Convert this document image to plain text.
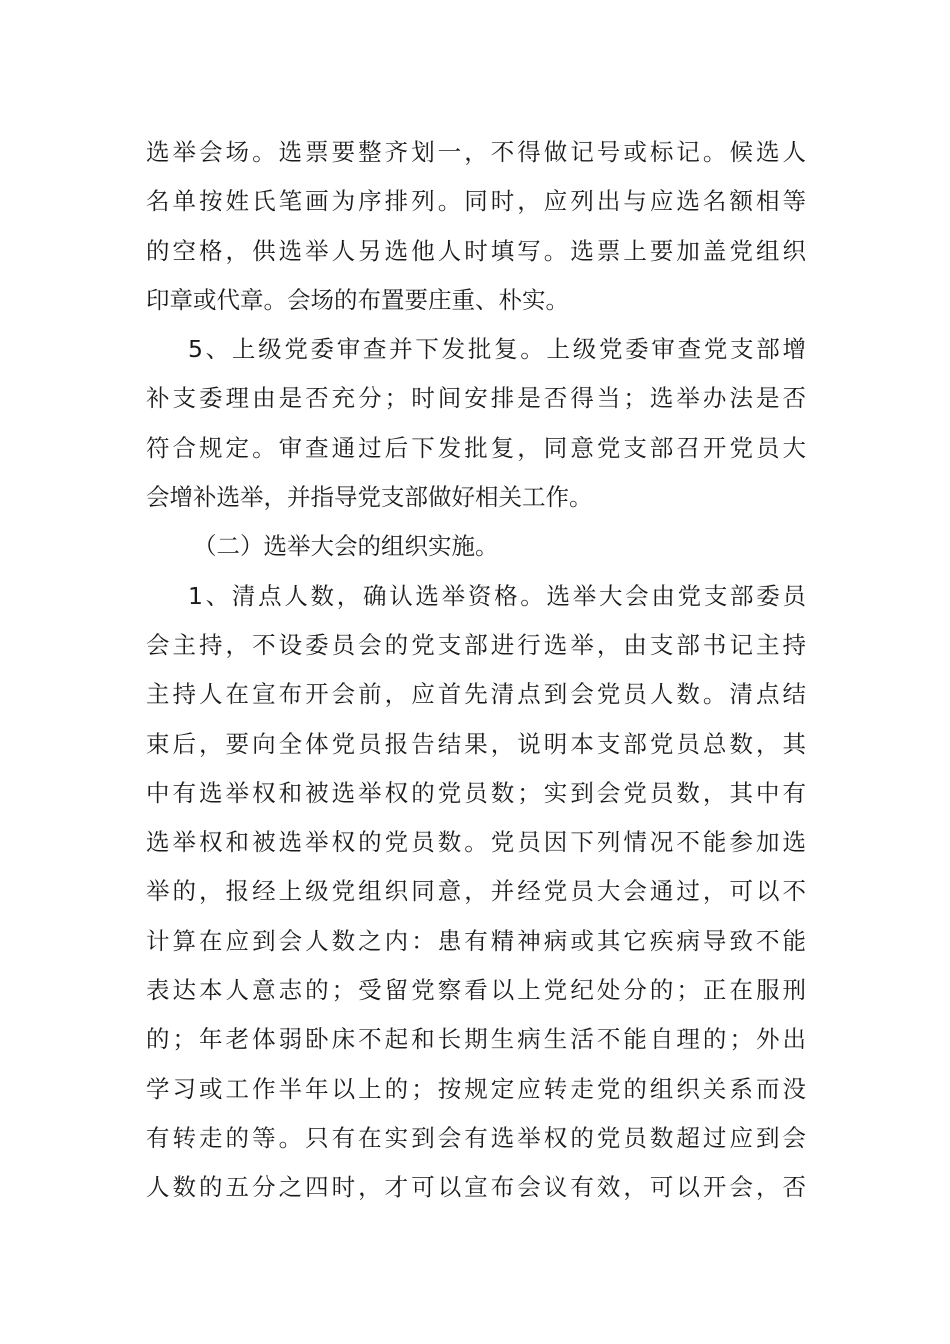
选举会场。选票要整齐划一，不得做记号或标记。候选人
名单按姓氏笔画为序排列。同时，应列出与应选名额相等
的空格，供选举人另选他人时填写。选票上要加盖党组织
印章或代章。会场的布置要庄重、朴实。
5、上级党委审查并下发批复。上级党委审查党支部增
补支委理由是否充分；时间安排是否得当；选举办法是否
符合规定。审查通过后下发批复，同意党支部召开党员大
会增补选举，并指导党支部做好相关工作。
（二）选举大会的组织实施。
1、清点人数，确认选举资格。选举大会由党支部委员
会主持，不设委员会的党支部进行选举，由支部书记主持
主持人在宣布开会前，应首先清点到会党员人数。清点结
束后，要向全体党员报告结果，说明本支部党员总数，其
中有选举权和被选举权的党员数；实到会党员数，其中有
选举权和被选举权的党员数。党员因下列情况不能参加选
举的，报经上级党组织同意，并经党员大会通过，可以不
计算在应到会人数之内：患有精神病或其它疾病导致不能
表达本人意志的；受留党察看以上党纪处分的；正在服刑
的；年老体弱卧床不起和长期生病生活不能自理的；外出
学习或工作半年以上的；按规定应转走党的组织关系而没
有转走的等。只有在实到会有选举权的党员数超过应到会
人数的五分之四时，才可以宣布会议有效，可以开会，否
